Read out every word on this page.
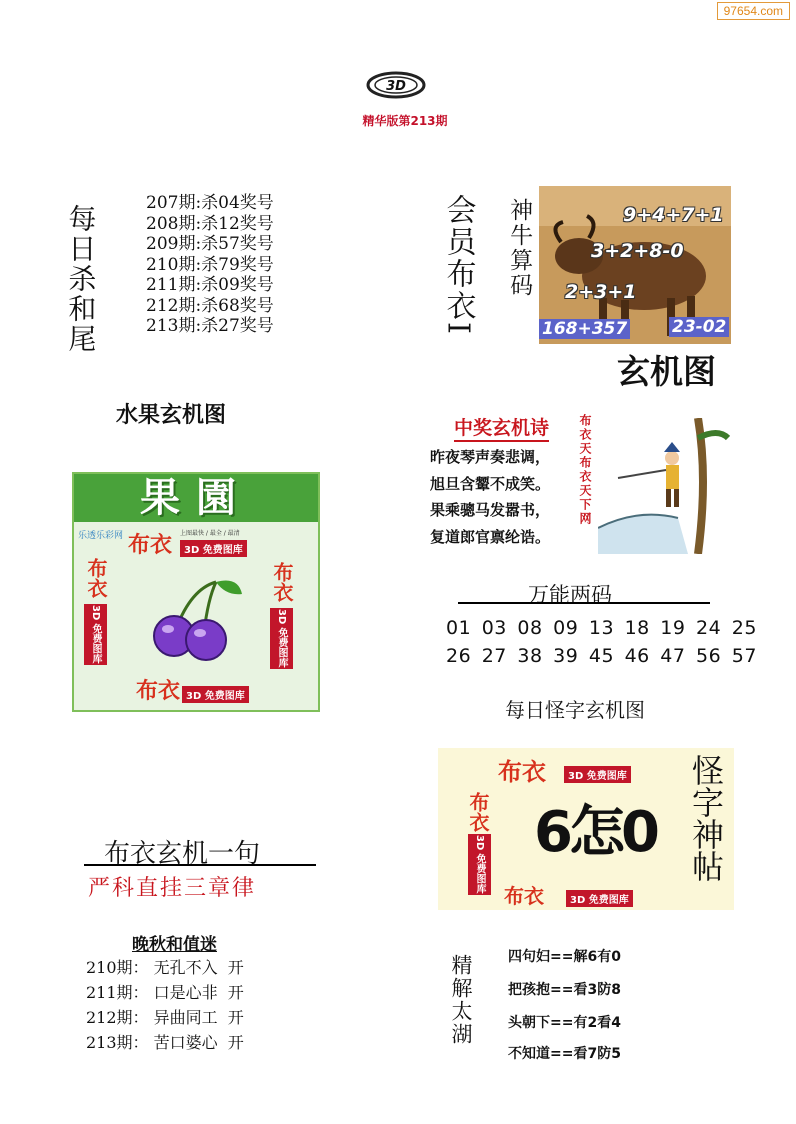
97654.com
3D
精华版第213期
每日杀和尾
207期:杀04奖号
208期:杀12奖号
209期:杀57奖号
210期:杀79奖号
211期:杀09奖号
212期:杀68奖号
213期:杀27奖号	会员布衣I 神牛算码	9+4+7+1
3+2+8-0
2+3+1
168+357	23-02
玄机图
水果玄机图
果園
乐透乐彩网 布衣 上图最快 / 最全 / 最清
3D 免费图库
布衣
3D 免费图库
布衣
3D 免费图库
布衣 3D 免费图库
中奖玄机诗 布衣天布衣天下网
昨夜琴声奏悲调，
旭旦含颦不成笑。
果乘骢马发嚣书，
复道郎官禀纶诰。
万能两码
01 03 08 09 13 18 19 24 25
26 27 38 39 45 46 47 56 57
每日怪字玄机图
布衣	3D 免费图库
布衣
3D 免费图库 6怎0 怪字神帖
布衣	3D 免费图库
布衣玄机一句
严科直挂三章律
晚秋和值迷
210期： 无孔不入  开
211期： 口是心非  开
212期： 异曲同工  开
213期： 苦口婆心  开	精解太湖	四句妇==解6有0
把孩抱==看3防8
头朝下==有2看4
不知道==看7防5
